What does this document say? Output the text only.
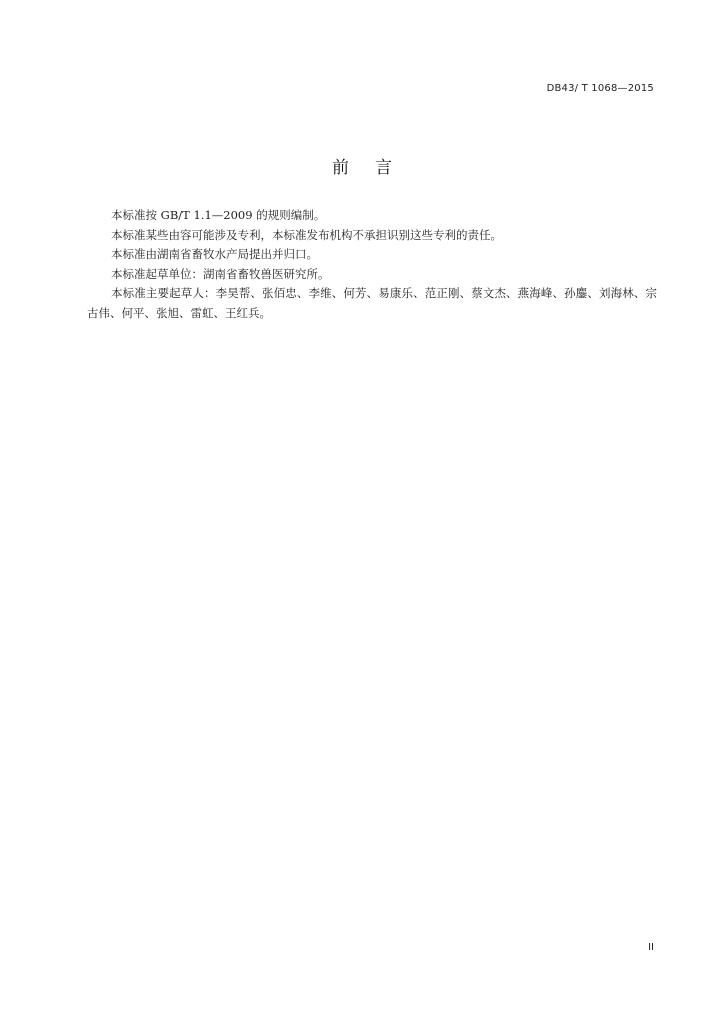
DB43/ T 1068—2015
前言

本标准按 GB/T 1.1—2009 的规则编制。

本标准某些由容可能涉及专利，本标准发布机构不承担识别这些专利的责任。

本标准由湖南省畜牧水产局提出并归口。

本标准起草单位：湖南省畜牧兽医研究所。

本标准主要起草人：李昊帮、张佰忠、李维、何芳、易康乐、范正刚、蔡文杰、燕海峰、孙鏖、刘海林、宗古伟、何平、张旭、雷虹、王红兵。

II
